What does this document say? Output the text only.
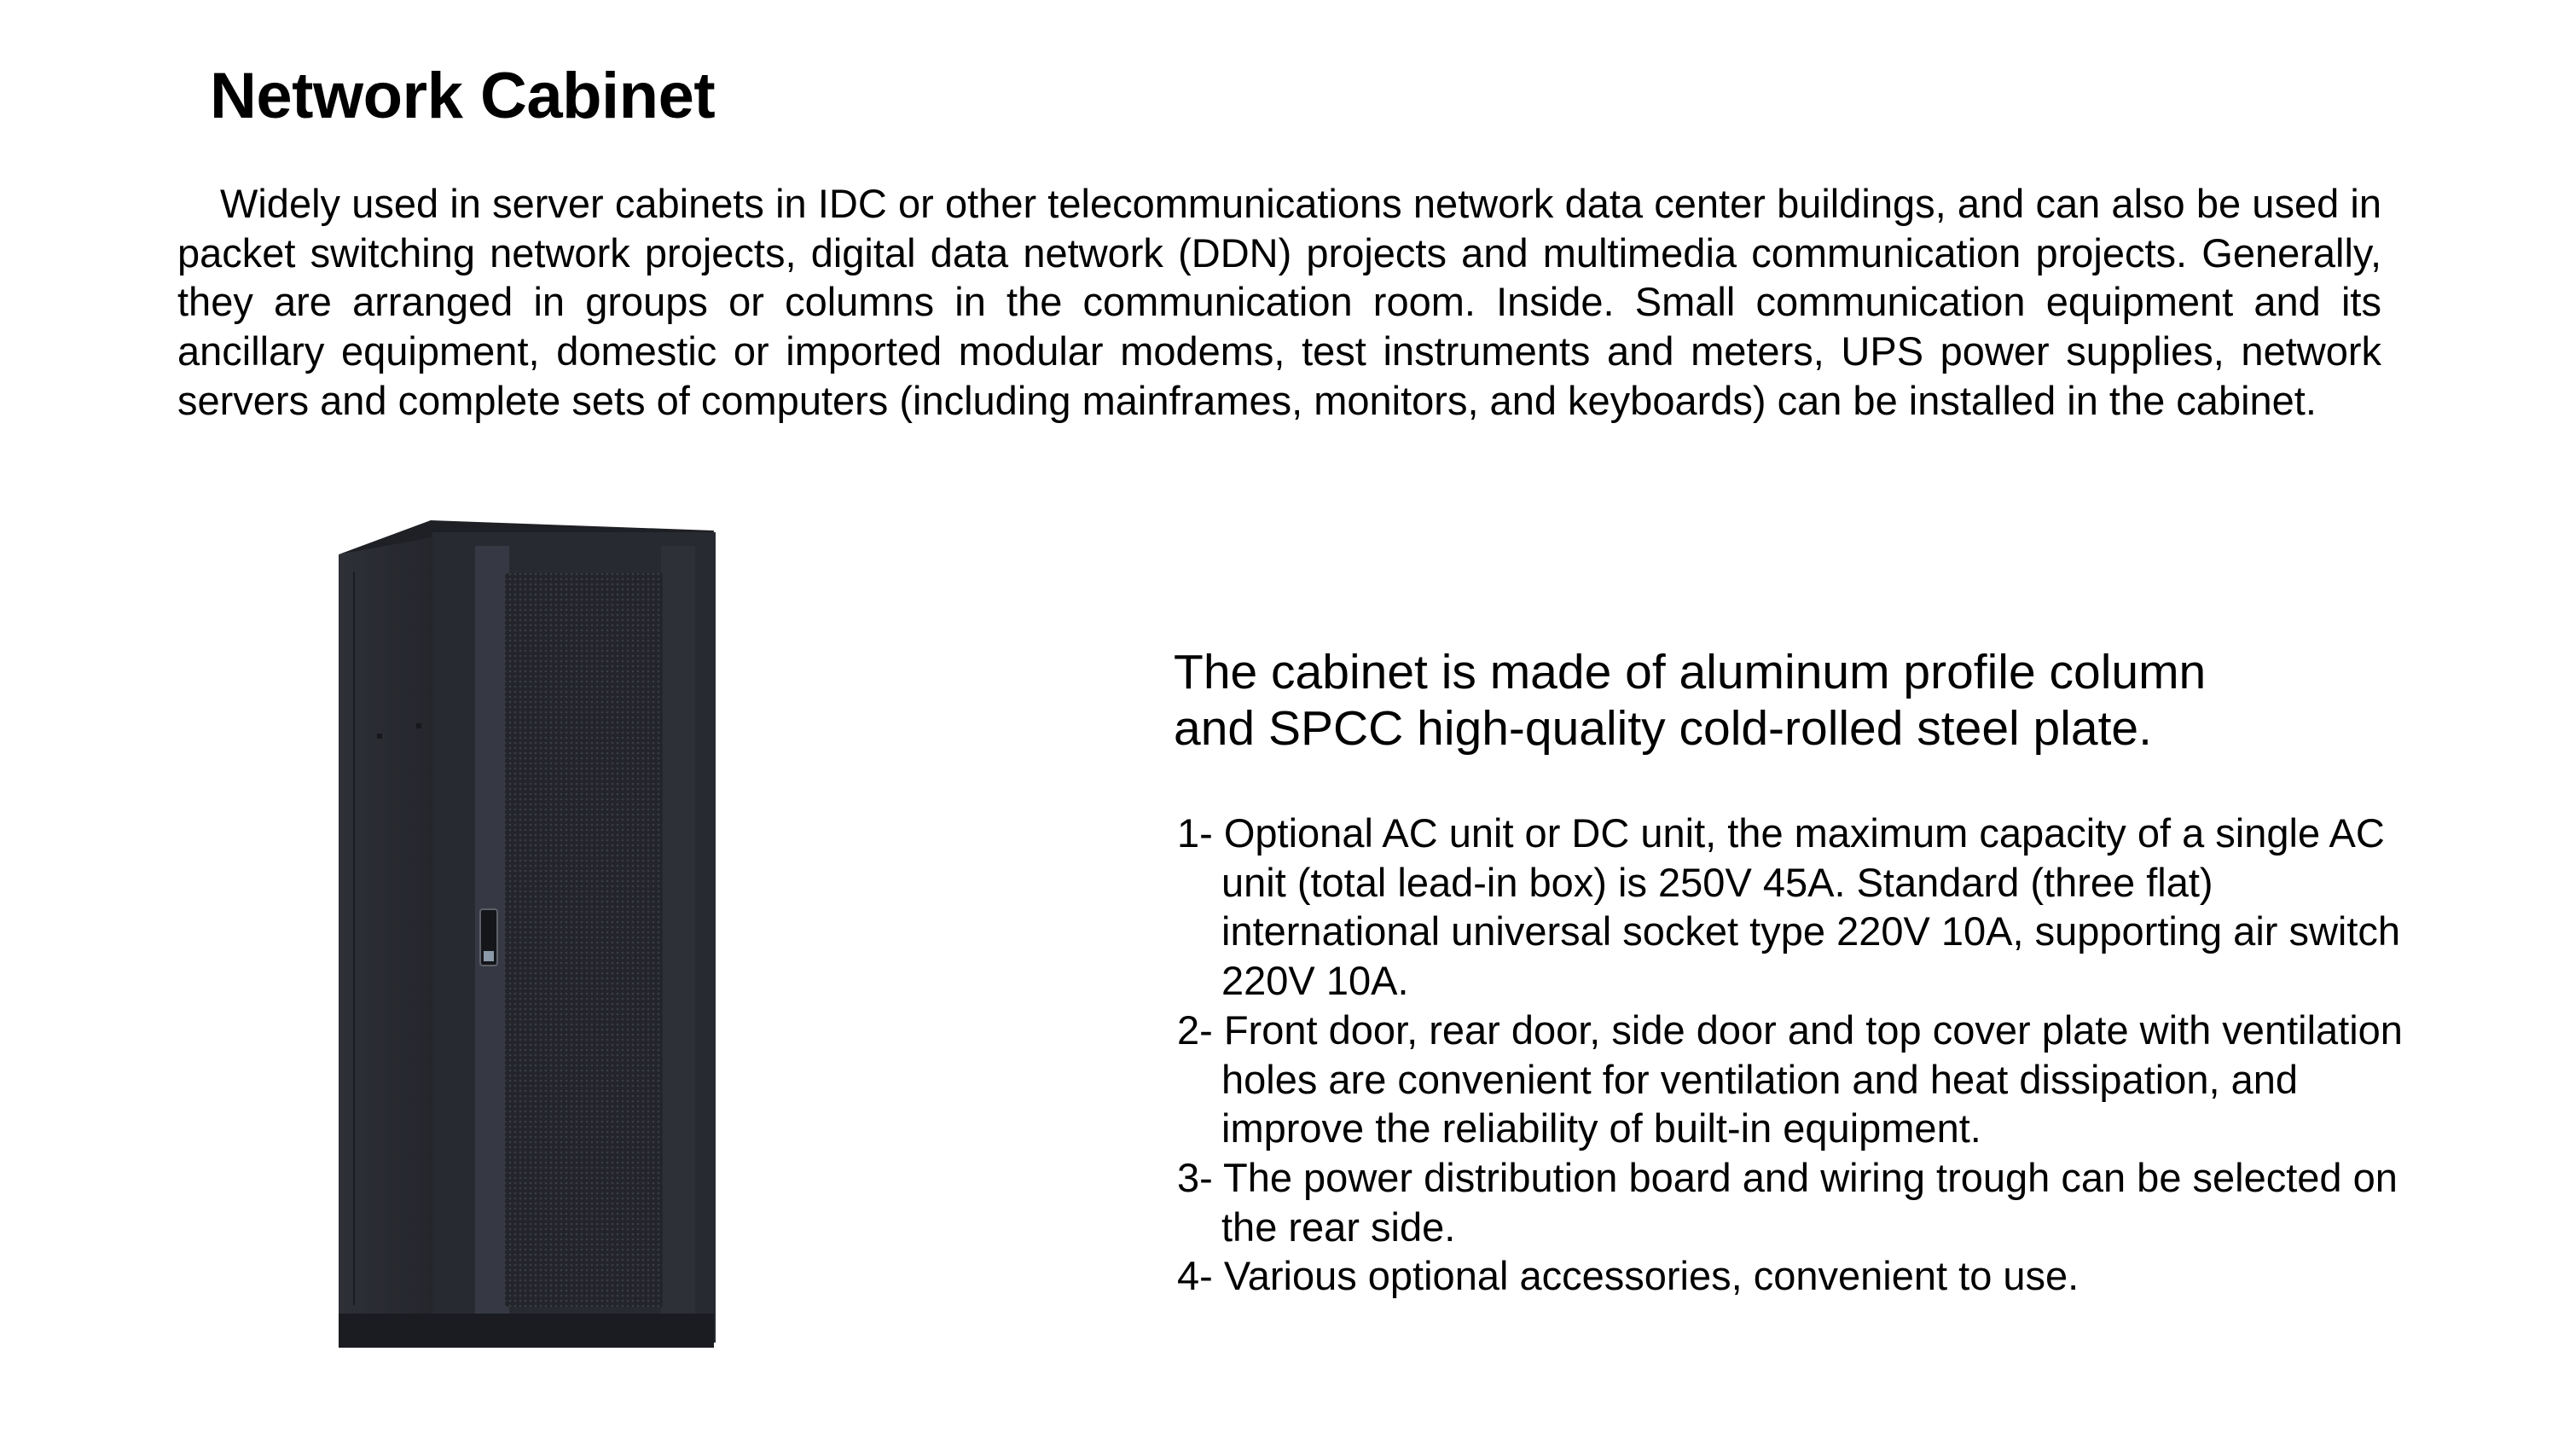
Network Cabinet

Widely used in server cabinets in IDC or other telecommunications network data center buildings, and can also be used in packet switching network projects, digital data network (DDN) projects and multimedia communication projects. Generally, they are arranged in groups or columns in the communication room. Inside. Small communication equipment and its ancillary equipment, domestic or imported modular modems, test instruments and meters, UPS power supplies, network servers and complete sets of computers (including mainframes, monitors, and keyboards) can be installed in the cabinet.

The cabinet is made of aluminum profile column
and SPCC high-quality cold-rolled steel plate.
1- Optional AC unit or DC unit, the maximum capacity of a single AC unit (total lead-in box) is 250V 45A. Standard (three flat) international universal socket type 220V 10A, supporting air switch 220V 10A.
2- Front door, rear door, side door and top cover plate with ventilation holes are convenient for ventilation and heat dissipation, and improve the reliability of built-in equipment.
3- The power distribution board and wiring trough can be selected on the rear side.
4- Various optional accessories, convenient to use.
